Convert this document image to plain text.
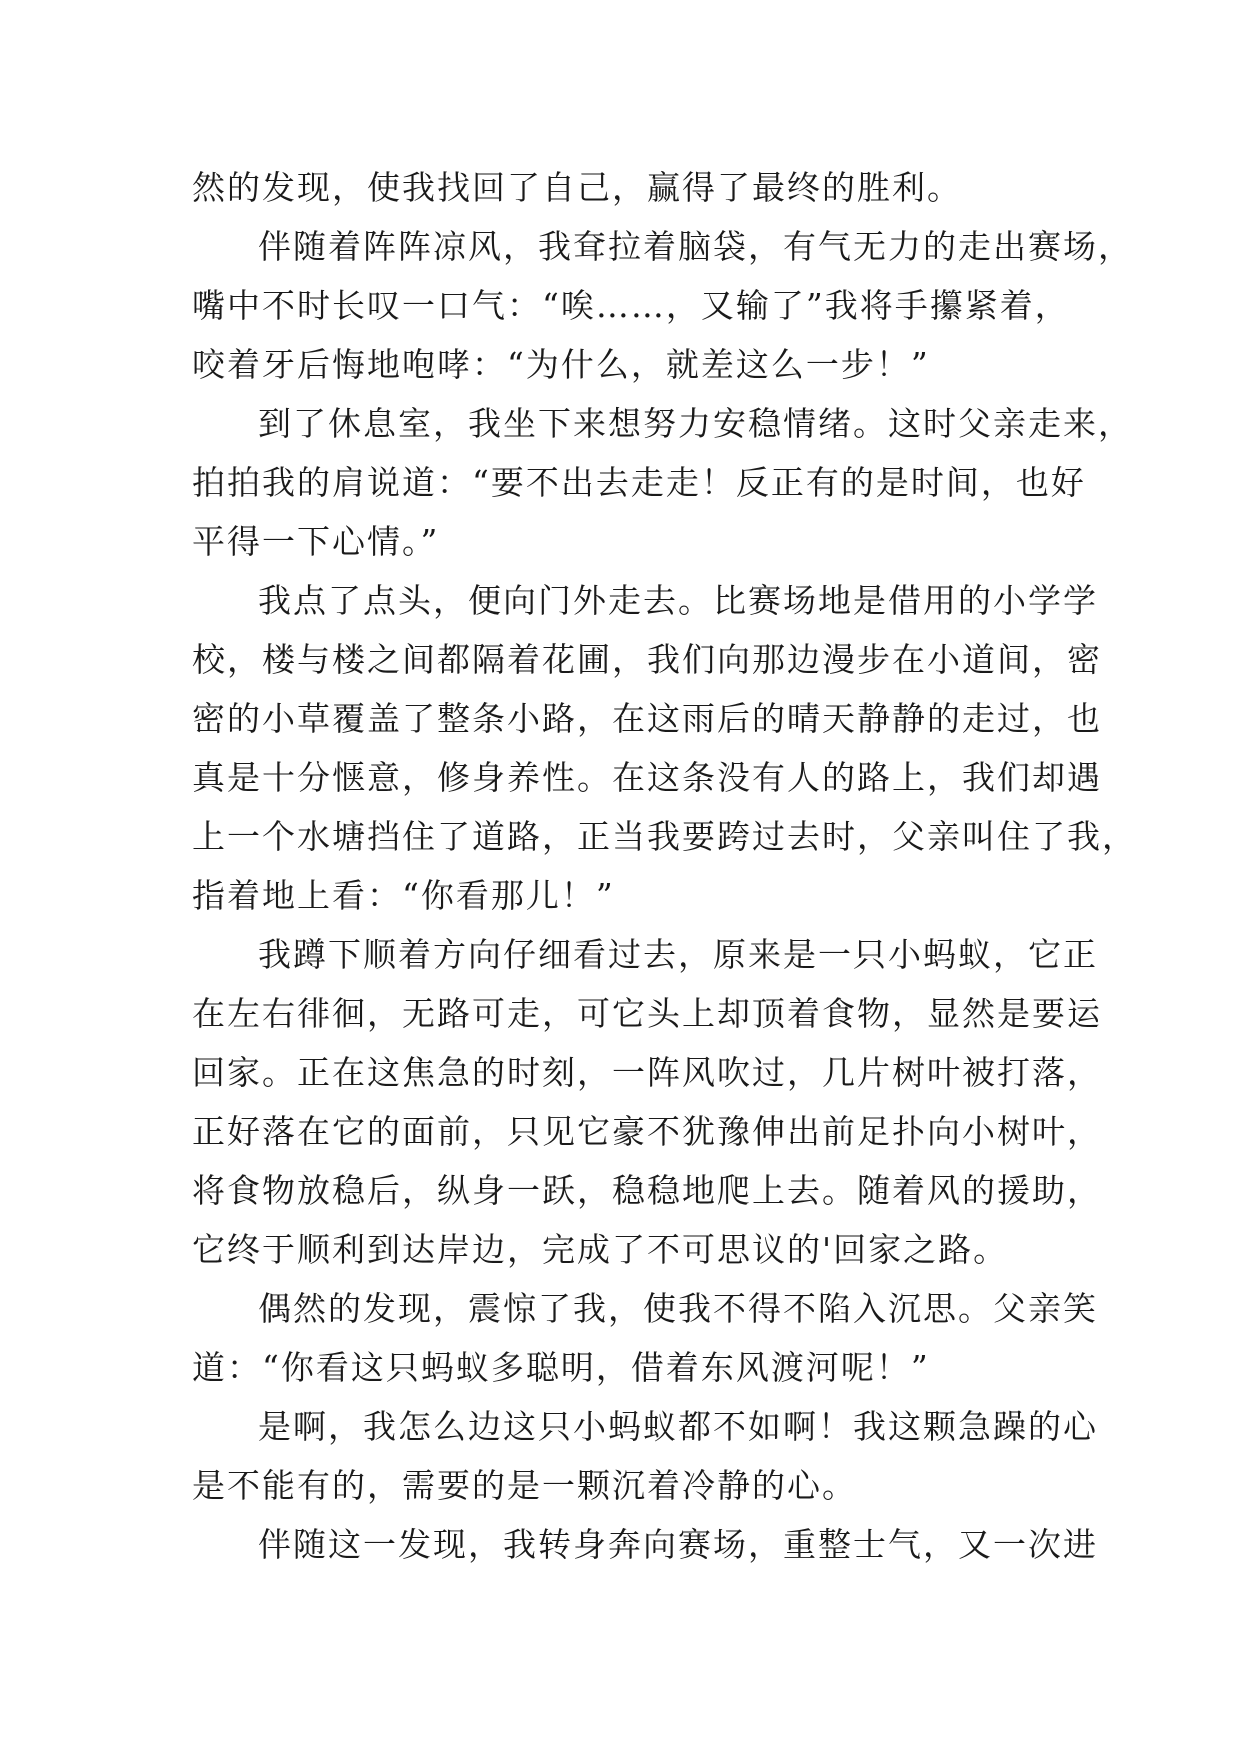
然的发现，使我找回了自己，赢得了最终的胜利。
伴随着阵阵凉风，我耷拉着脑袋，有气无力的走出赛场，
嘴中不时长叹一口气：“唉……，又输了”我将手攥紧着，
咬着牙后悔地咆哮：“为什么，就差这么一步！”
到了休息室，我坐下来想努力安稳情绪。这时父亲走来，
拍拍我的肩说道：“要不出去走走！反正有的是时间，也好
平得一下心情。”
我点了点头，便向门外走去。比赛场地是借用的小学学
校，楼与楼之间都隔着花圃，我们向那边漫步在小道间，密
密的小草覆盖了整条小路，在这雨后的晴天静静的走过，也
真是十分惬意，修身养性。在这条没有人的路上，我们却遇
上一个水塘挡住了道路，正当我要跨过去时，父亲叫住了我，
指着地上看：“你看那儿！”
我蹲下顺着方向仔细看过去，原来是一只小蚂蚁，它正
在左右徘徊，无路可走，可它头上却顶着食物，显然是要运
回家。正在这焦急的时刻，一阵风吹过，几片树叶被打落，
正好落在它的面前，只见它豪不犹豫伸出前足扑向小树叶，
将食物放稳后，纵身一跃，稳稳地爬上去。随着风的援助，
它终于顺利到达岸边，完成了不可思议的'回家之路。
偶然的发现，震惊了我，使我不得不陷入沉思。父亲笑
道：“你看这只蚂蚁多聪明，借着东风渡河呢！”
是啊，我怎么边这只小蚂蚁都不如啊！我这颗急躁的心
是不能有的，需要的是一颗沉着冷静的心。
伴随这一发现，我转身奔向赛场，重整士气，又一次进
